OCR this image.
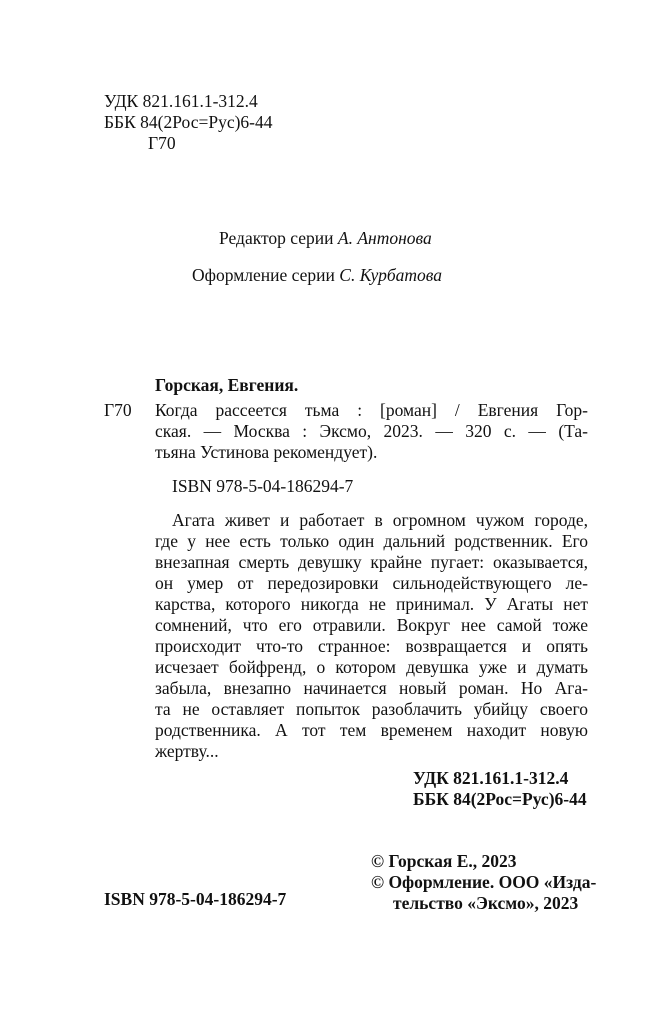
УДК 821.161.1-312.4
ББК 84(2Рос=Рус)6-44
Г70
Редактор серии А. Антонова
Оформление серии С. Курбатова
Горская, Евгения.
Г70 Когда рассеется тьма : [роман] / Евгения Гор-
ская. — Москва : Эксмо, 2023. — 320 с. — (Та-
тьяна Устинова рекомендует).
ISBN 978-5-04-186294-7
Агата живет и работает в огромном чужом городе,
где у нее есть только один дальний родственник. Его
внезапная смерть девушку крайне пугает: оказывается,
он умер от передозировки сильнодействующего ле-
карства, которого никогда не принимал. У Агаты нет
сомнений, что его отравили. Вокруг нее самой тоже
происходит что-то странное: возвращается и опять
исчезает бойфренд, о котором девушка уже и думать
забыла, внезапно начинается новый роман. Но Ага-
та не оставляет попыток разоблачить убийцу своего
родственника. А тот тем временем находит новую
жертву...
УДК 821.161.1-312.4
ББК 84(2Рос=Рус)6-44
ISBN 978-5-04-186294-7
© Горская Е., 2023
© Оформление. ООО «Изда-
тельство «Эксмо», 2023
